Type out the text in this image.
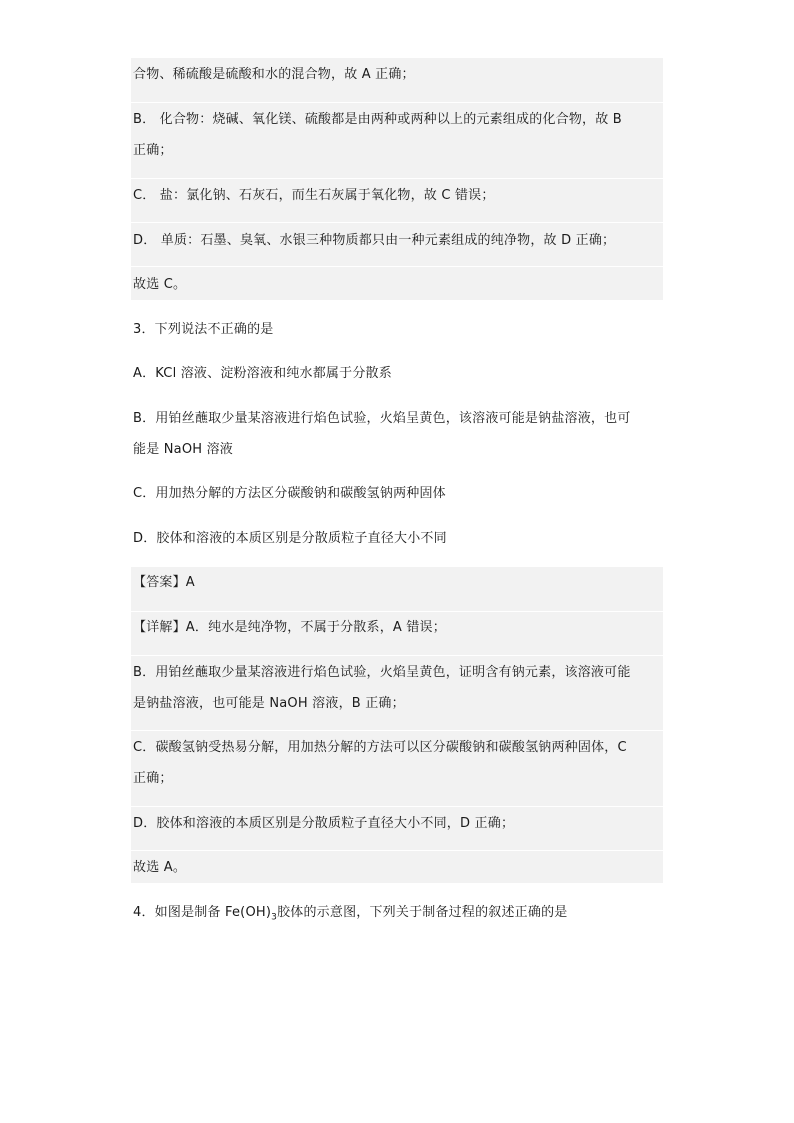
合物、稀硫酸是硫酸和水的混合物，故 A 正确；
B． 化合物：烧碱、氧化镁、硫酸都是由两种或两种以上的元素组成的化合物，故 B
正确；
C． 盐：氯化钠、石灰石，而生石灰属于氧化物，故 C 错误；
D． 单质：石墨、臭氧、水银三种物质都只由一种元素组成的纯净物，故 D 正确；
故选 C。
3．下列说法不正确的是
A．KCl 溶液、淀粉溶液和纯水都属于分散系
B．用铂丝蘸取少量某溶液进行焰色试验，火焰呈黄色，该溶液可能是钠盐溶液，也可
能是 NaOH 溶液
C．用加热分解的方法区分碳酸钠和碳酸氢钠两种固体
D．胶体和溶液的本质区别是分散质粒子直径大小不同
【答案】A
【详解】A．纯水是纯净物，不属于分散系，A 错误；
B．用铂丝蘸取少量某溶液进行焰色试验，火焰呈黄色，证明含有钠元素，该溶液可能
是钠盐溶液，也可能是 NaOH 溶液，B 正确；
C．碳酸氢钠受热易分解，用加热分解的方法可以区分碳酸钠和碳酸氢钠两种固体，C
正确；
D．胶体和溶液的本质区别是分散质粒子直径大小不同，D 正确；
故选 A。
4．如图是制备 $Fe(OH)_3$胶体的示意图，下列关于制备过程的叙述正确的是
